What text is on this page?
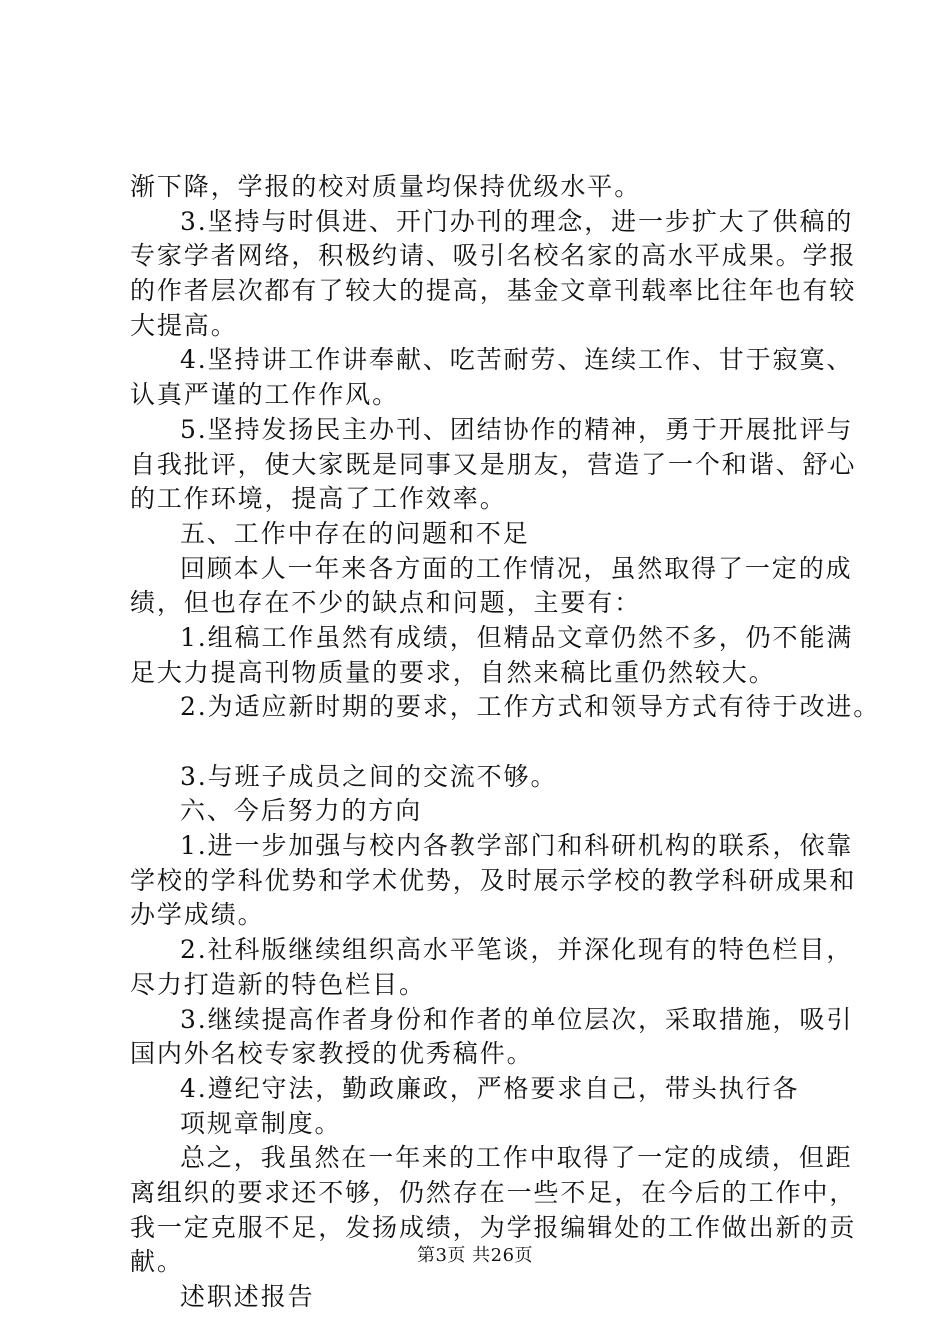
渐下降，学报的校对质量均保持优级水平。
3.坚持与时俱进、开门办刊的理念，进一步扩大了供稿的
专家学者网络，积极约请、吸引名校名家的高水平成果。学报
的作者层次都有了较大的提高，基金文章刊载率比往年也有较
大提高。
4.坚持讲工作讲奉献、吃苦耐劳、连续工作、甘于寂寞、
认真严谨的工作作风。
5.坚持发扬民主办刊、团结协作的精神，勇于开展批评与
自我批评，使大家既是同事又是朋友，营造了一个和谐、舒心
的工作环境，提高了工作效率。
五、工作中存在的问题和不足
回顾本人一年来各方面的工作情况，虽然取得了一定的成
绩，但也存在不少的缺点和问题，主要有：
1.组稿工作虽然有成绩，但精品文章仍然不多，仍不能满
足大力提高刊物质量的要求，自然来稿比重仍然较大。
2.为适应新时期的要求，工作方式和领导方式有待于改进。
3.与班子成员之间的交流不够。
六、今后努力的方向
1.进一步加强与校内各教学部门和科研机构的联系，依靠
学校的学科优势和学术优势，及时展示学校的教学科研成果和
办学成绩。
2.社科版继续组织高水平笔谈，并深化现有的特色栏目，
尽力打造新的特色栏目。
3.继续提高作者身份和作者的单位层次，采取措施，吸引
国内外名校专家教授的优秀稿件。
4.遵纪守法，勤政廉政，严格要求自己，带头执行各
项规章制度。
总之，我虽然在一年来的工作中取得了一定的成绩，但距
离组织的要求还不够，仍然存在一些不足，在今后的工作中，
我一定克服不足，发扬成绩，为学报编辑处的工作做出新的贡
献。
述职述报告
第3页 共26页
